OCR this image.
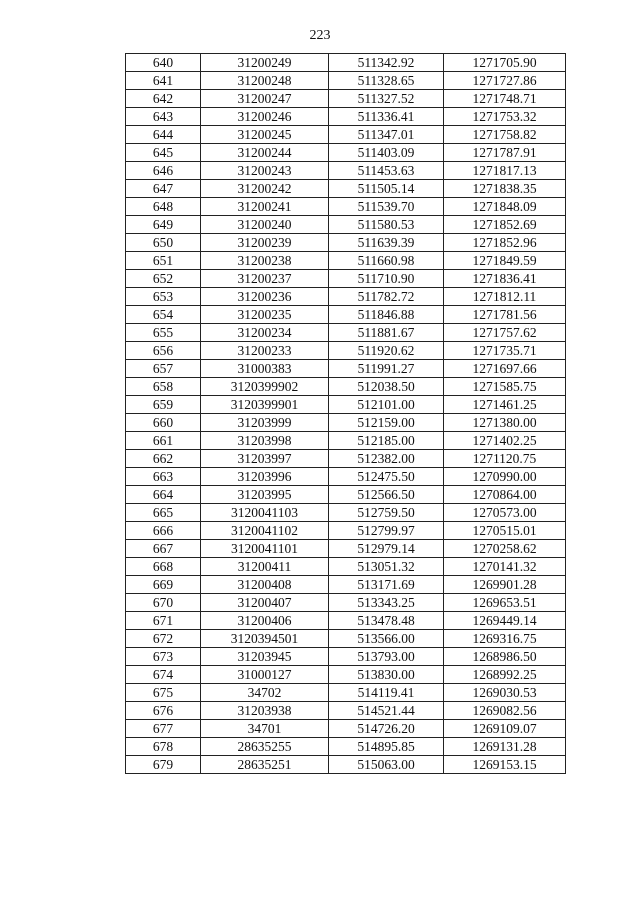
223
640	31200249	511342.92	1271705.90
641	31200248	511328.65	1271727.86
642	31200247	511327.52	1271748.71
643	31200246	511336.41	1271753.32
644	31200245	511347.01	1271758.82
645	31200244	511403.09	1271787.91
646	31200243	511453.63	1271817.13
647	31200242	511505.14	1271838.35
648	31200241	511539.70	1271848.09
649	31200240	511580.53	1271852.69
650	31200239	511639.39	1271852.96
651	31200238	511660.98	1271849.59
652	31200237	511710.90	1271836.41
653	31200236	511782.72	1271812.11
654	31200235	511846.88	1271781.56
655	31200234	511881.67	1271757.62
656	31200233	511920.62	1271735.71
657	31000383	511991.27	1271697.66
658	3120399902	512038.50	1271585.75
659	3120399901	512101.00	1271461.25
660	31203999	512159.00	1271380.00
661	31203998	512185.00	1271402.25
662	31203997	512382.00	1271120.75
663	31203996	512475.50	1270990.00
664	31203995	512566.50	1270864.00
665	3120041103	512759.50	1270573.00
666	3120041102	512799.97	1270515.01
667	3120041101	512979.14	1270258.62
668	31200411	513051.32	1270141.32
669	31200408	513171.69	1269901.28
670	31200407	513343.25	1269653.51
671	31200406	513478.48	1269449.14
672	3120394501	513566.00	1269316.75
673	31203945	513793.00	1268986.50
674	31000127	513830.00	1268992.25
675	34702	514119.41	1269030.53
676	31203938	514521.44	1269082.56
677	34701	514726.20	1269109.07
678	28635255	514895.85	1269131.28
679	28635251	515063.00	1269153.15
